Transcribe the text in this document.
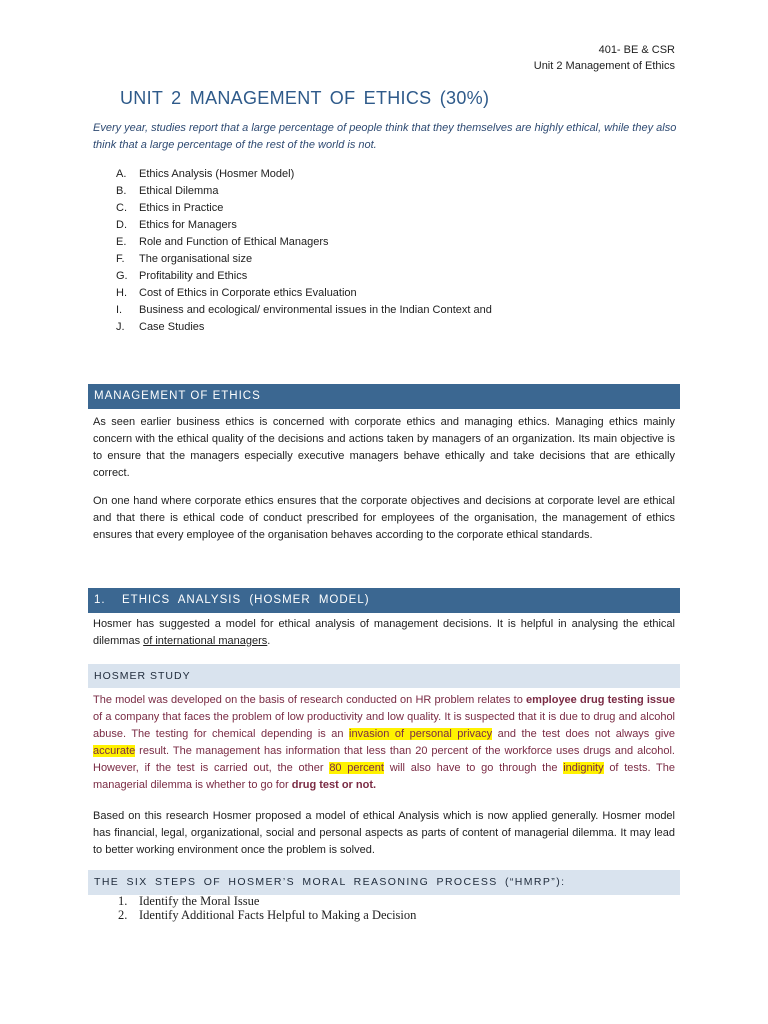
401- BE & CSR
Unit 2 Management of Ethics
UNIT 2 MANAGEMENT OF ETHICS (30%)
Every year, studies report that a large percentage of people think that they themselves are highly ethical, while they also think that a large percentage of the rest of the world is not.
A.	Ethics Analysis (Hosmer Model)
B.	Ethical Dilemma
C.	Ethics in Practice
D.	Ethics for Managers
E.	Role and Function of Ethical Managers
F.	The organisational size
G.	Profitability and Ethics
H.	Cost of Ethics in Corporate ethics Evaluation
I.	Business and ecological/ environmental issues in the Indian Context and
J.	Case Studies
MANAGEMENT OF ETHICS
As seen earlier business ethics is concerned with corporate ethics and managing ethics. Managing ethics mainly concern with the ethical quality of the decisions and actions taken by managers of an organization. Its main objective is to ensure that the managers especially executive managers behave ethically and take decisions that are ethically correct.
On one hand where corporate ethics ensures that the corporate objectives and decisions at corporate level are ethical and that there is ethical code of conduct prescribed for employees of the organisation, the management of ethics ensures that every employee of the organisation behaves according to the corporate ethical standards.
1. ETHICS ANALYSIS (HOSMER MODEL)
Hosmer has suggested a model for ethical analysis of management decisions. It is helpful in analysing the ethical dilemmas of international managers.
HOSMER STUDY
The model was developed on the basis of research conducted on HR problem relates to employee drug testing issue of a company that faces the problem of low productivity and low quality. It is suspected that it is due to drug and alcohol abuse. The testing for chemical depending is an invasion of personal privacy and the test does not always give accurate result. The management has information that less than 20 percent of the workforce uses drugs and alcohol. However, if the test is carried out, the other 80 percent will also have to go through the indignity of tests. The managerial dilemma is whether to go for drug test or not.
Based on this research Hosmer proposed a model of ethical Analysis which is now applied generally. Hosmer model has financial, legal, organizational, social and personal aspects as parts of content of managerial dilemma. It may lead to better working environment once the problem is solved.
THE SIX STEPS OF HOSMER’S MORAL REASONING PROCESS (“HMRP”):
1. Identify the Moral Issue
2. Identify Additional Facts Helpful to Making a Decision
